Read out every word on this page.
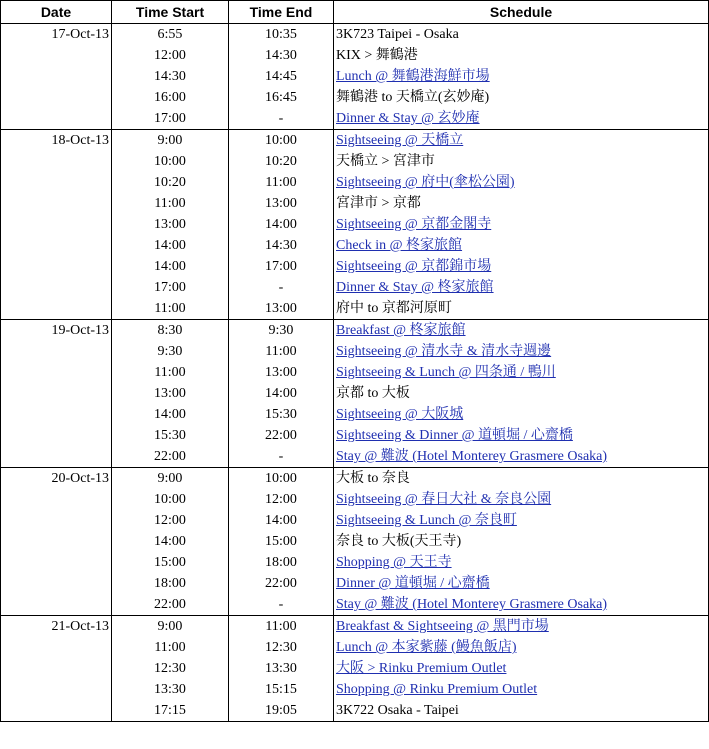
Date	Time Start	Time End	Schedule
17-Oct-13	6:55	10:35	3K723 Taipei - Osaka
	12:00	14:30	KIX > 舞鶴港
	14:30	14:45	Lunch @ 舞鶴港海鮮市場
	16:00	16:45	舞鶴港 to 天橋立(玄妙庵)
	17:00	-	Dinner & Stay @ 玄妙庵
18-Oct-13	9:00	10:00	Sightseeing @ 天橋立
	10:00	10:20	天橋立 > 宮津市
	10:20	11:00	Sightseeing @ 府中(傘松公園)
	11:00	13:00	宮津市 > 京都
	13:00	14:00	Sightseeing @ 京都金閣寺
	14:00	14:30	Check in @ 柊家旅館
	14:00	17:00	Sightseeing @ 京都錦市場
	17:00	-	Dinner & Stay @ 柊家旅館
	11:00	13:00	府中 to 京都河原町
19-Oct-13	8:30	9:30	Breakfast @ 柊家旅館
	9:30	11:00	Sightseeing @ 清水寺 & 清水寺週邊
	11:00	13:00	Sightseeing & Lunch @ 四条通 / 鴨川
	13:00	14:00	京都 to 大板
	14:00	15:30	Sightseeing @ 大阪城
	15:30	22:00	Sightseeing & Dinner @ 道頓堀 / 心齋橋
	22:00	-	Stay @ 難波 (Hotel Monterey Grasmere Osaka)
20-Oct-13	9:00	10:00	大板 to 奈良
	10:00	12:00	Sightseeing @ 春日大社 & 奈良公園
	12:00	14:00	Sightseeing & Lunch @ 奈良町
	14:00	15:00	奈良 to 大板(天王寺)
	15:00	18:00	Shopping @ 天王寺
	18:00	22:00	Dinner @ 道頓堀 / 心齋橋
	22:00	-	Stay @ 難波 (Hotel Monterey Grasmere Osaka)
21-Oct-13	9:00	11:00	Breakfast & Sightseeing @ 黑門市場
	11:00	12:30	Lunch @ 本家紫藤 (鰻魚飯店)
	12:30	13:30	大阪 > Rinku Premium Outlet
	13:30	15:15	Shopping @ Rinku Premium Outlet
	17:15	19:05	3K722 Osaka - Taipei
